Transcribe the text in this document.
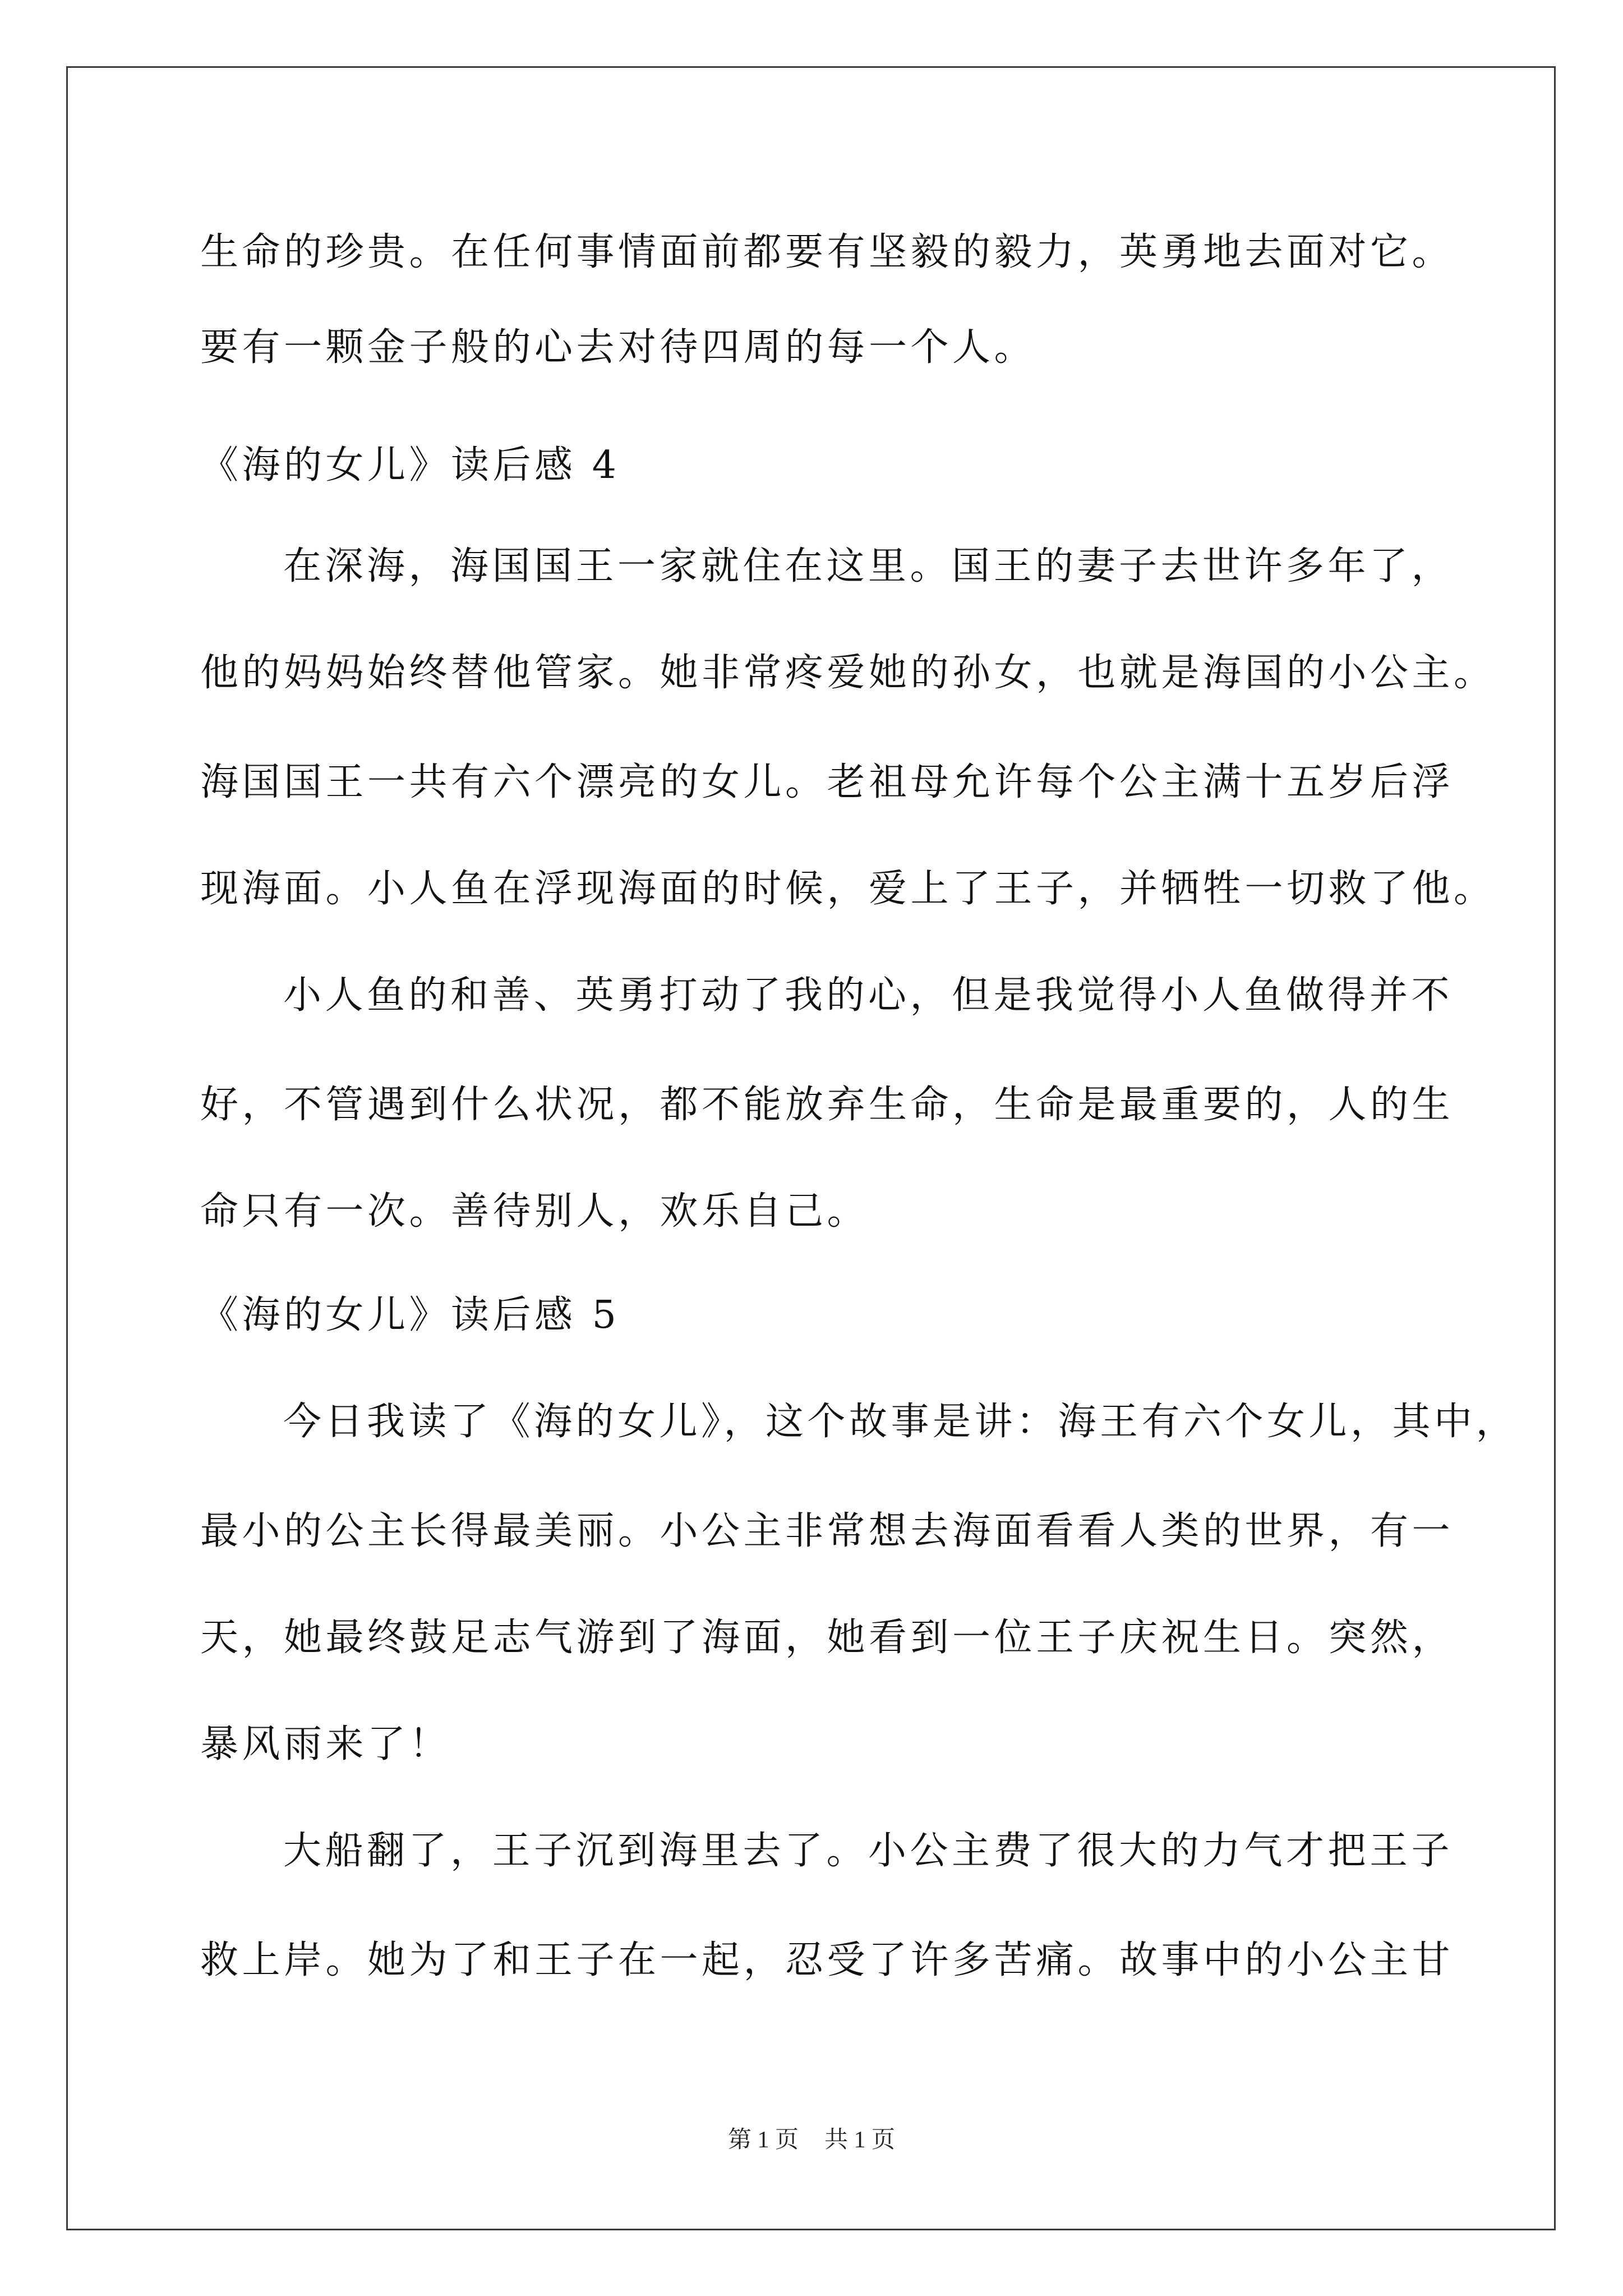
生命的珍贵。在任何事情面前都要有坚毅的毅力，英勇地去面对它。
要有一颗金子般的心去对待四周的每一个人。
《海的女儿》读后感 4
在深海，海国国王一家就住在这里。国王的妻子去世许多年了，
他的妈妈始终替他管家。她非常疼爱她的孙女，也就是海国的小公主。
海国国王一共有六个漂亮的女儿。老祖母允许每个公主满十五岁后浮
现海面。小人鱼在浮现海面的时候，爱上了王子，并牺牲一切救了他。
小人鱼的和善、英勇打动了我的心，但是我觉得小人鱼做得并不
好，不管遇到什么状况，都不能放弃生命，生命是最重要的，人的生
命只有一次。善待别人，欢乐自己。
《海的女儿》读后感 5
今日我读了《海的女儿》，这个故事是讲：海王有六个女儿，其中，
最小的公主长得最美丽。小公主非常想去海面看看人类的世界，有一
天，她最终鼓足志气游到了海面，她看到一位王子庆祝生日。突然，
暴风雨来了！
大船翻了，王子沉到海里去了。小公主费了很大的力气才把王子
救上岸。她为了和王子在一起，忍受了许多苦痛。故事中的小公主甘
第 1 页 共 1 页
